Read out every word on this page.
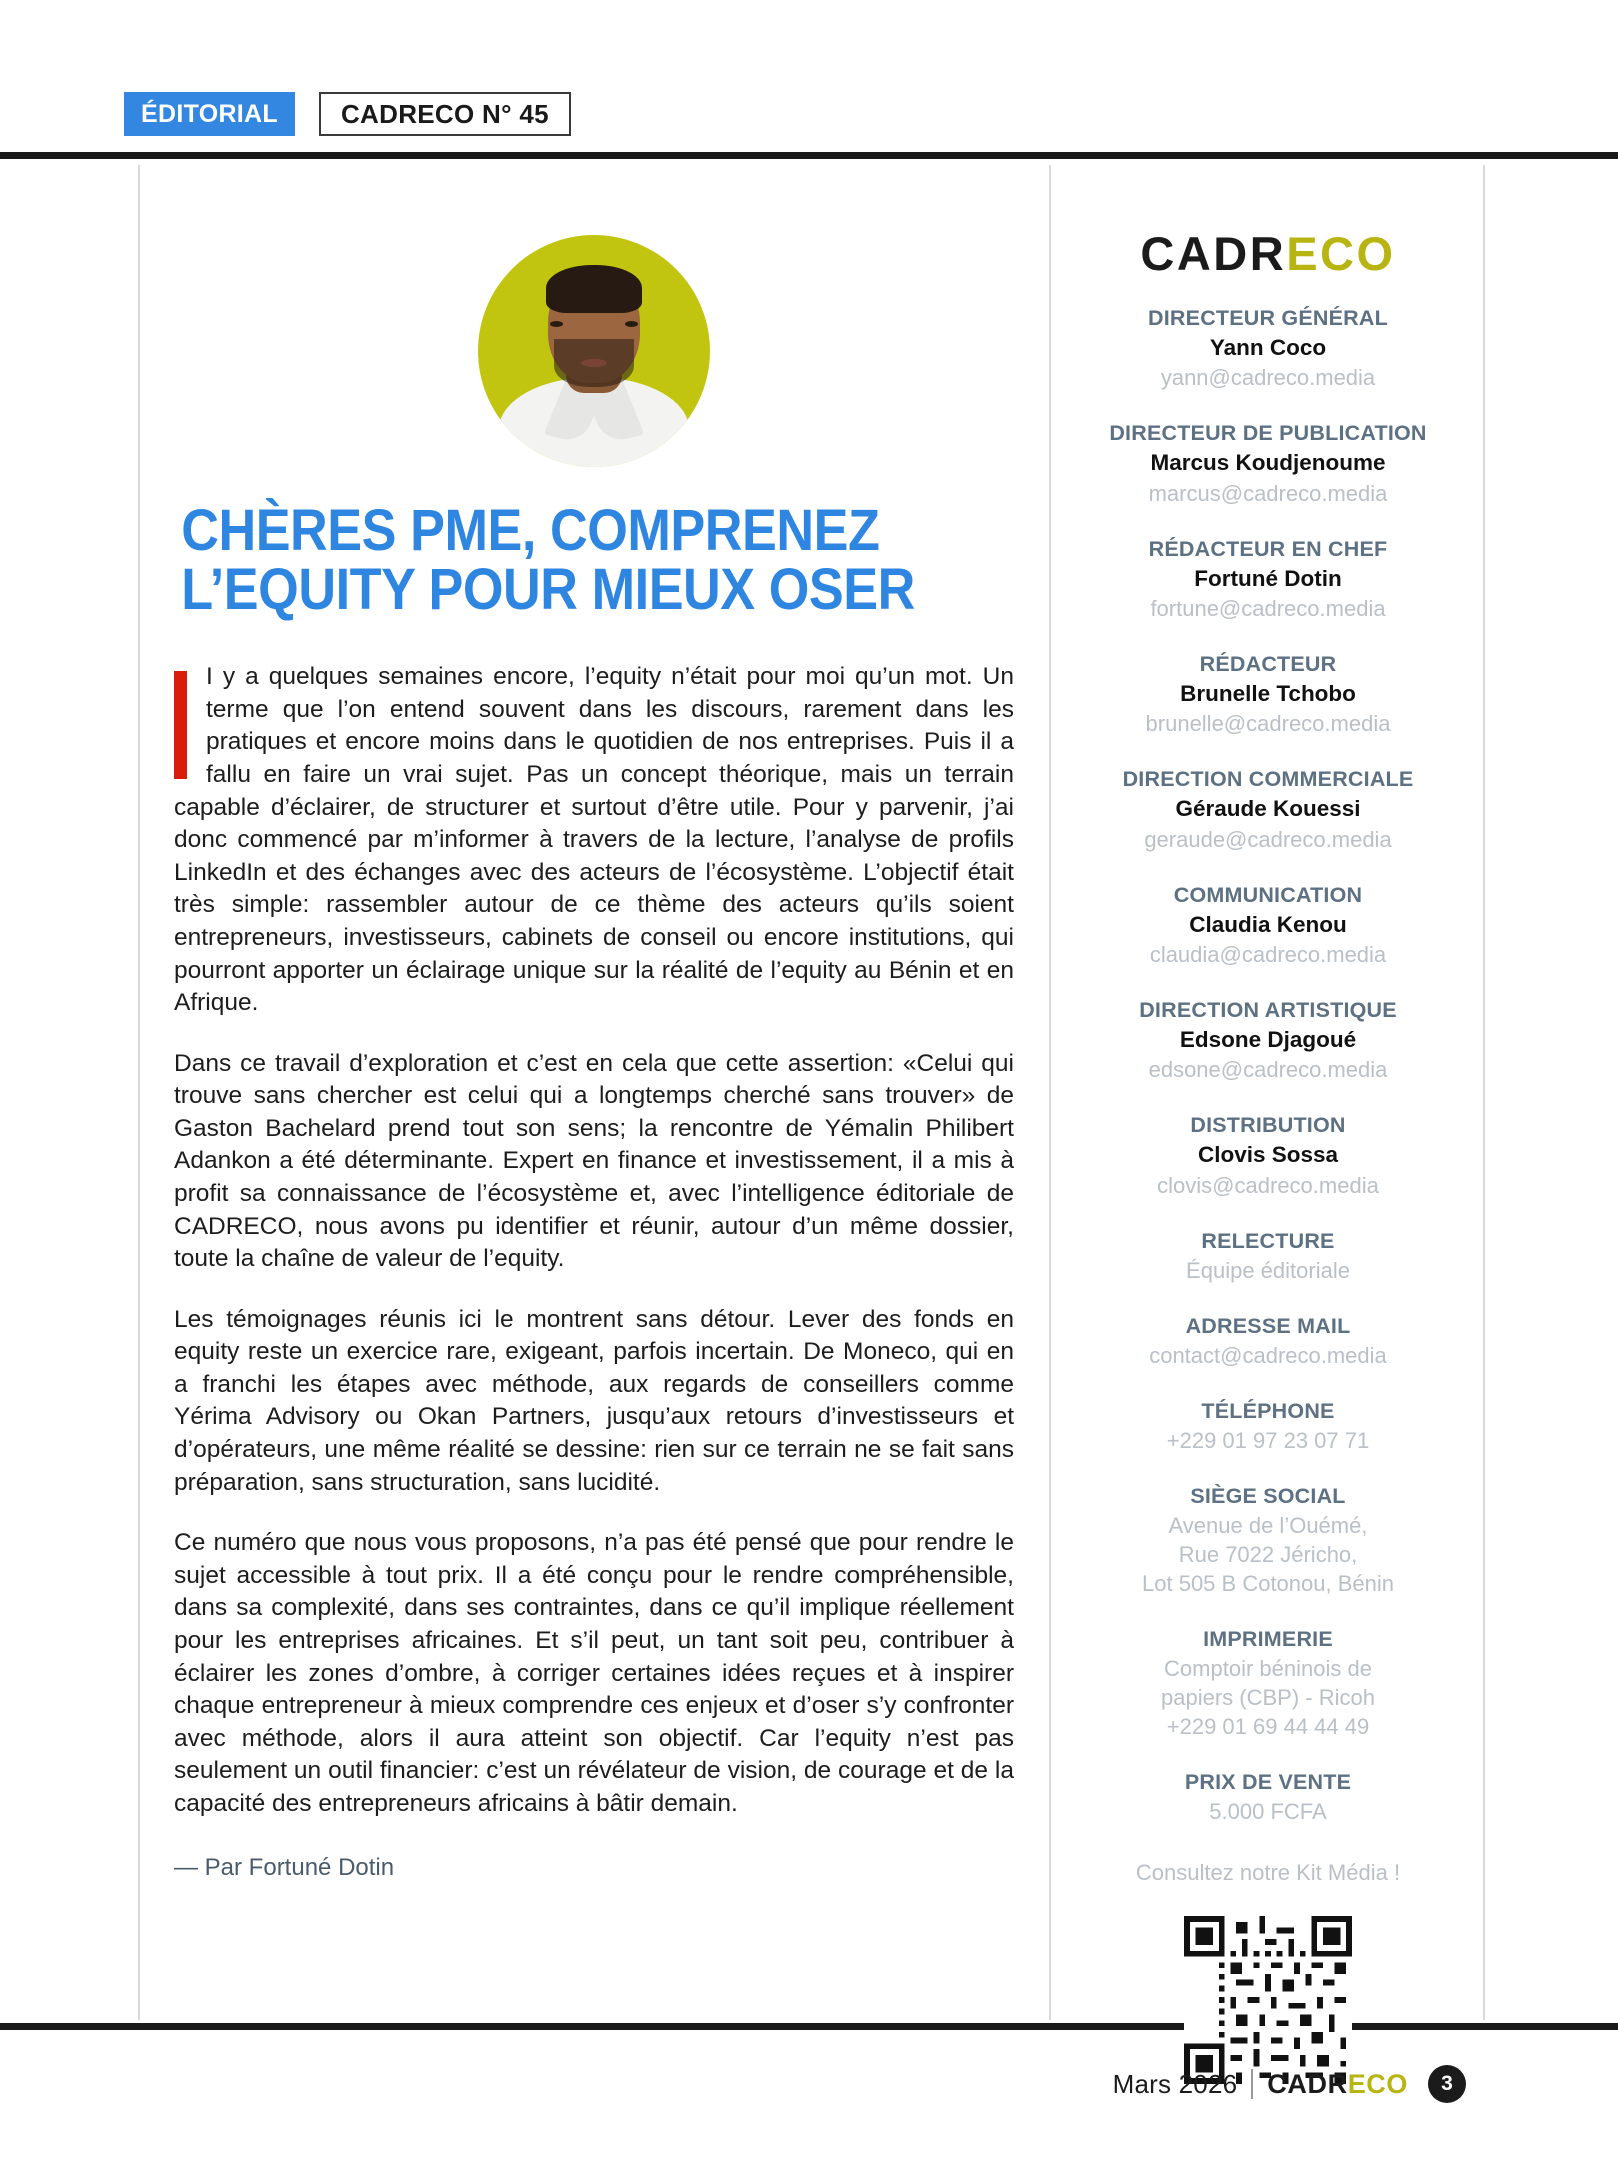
ÉDITORIAL	CADRECO N° 45
CHÈRES PME, COMPRENEZ
L’EQUITY POUR MIEUX OSER

I y a quelques semaines encore, l’equity n’était pour moi qu’un mot. Un terme que l’on entend souvent dans les discours, rarement dans les pratiques et encore moins dans le quotidien de nos entreprises. Puis il a fallu en faire un vrai sujet. Pas un concept théorique, mais un terrain capable d’éclairer, de structurer et surtout d’être utile. Pour y parvenir, j’ai donc commencé par m’informer à travers de la lecture, l’analyse de profils LinkedIn et des échanges avec des acteurs de l’écosystème. L’objectif était très simple: rassembler autour de ce thème des acteurs qu’ils soient entrepreneurs, investisseurs, cabinets de conseil ou encore institutions, qui pourront apporter un éclairage unique sur la réalité de l’equity au Bénin et en Afrique.

Dans ce travail d’exploration et c’est en cela que cette assertion: «Celui qui trouve sans chercher est celui qui a longtemps cherché sans trouver» de Gaston Bachelard prend tout son sens; la rencontre de Yémalin Philibert Adankon a été déterminante. Expert en finance et investissement, il a mis à profit sa connaissance de l’écosystème et, avec l’intelligence éditoriale de CADRECO, nous avons pu identifier et réunir, autour d’un même dossier, toute la chaîne de valeur de l’equity.

Les témoignages réunis ici le montrent sans détour. Lever des fonds en equity reste un exercice rare, exigeant, parfois incertain. De Moneco, qui en a franchi les étapes avec méthode, aux regards de conseillers comme Yérima Advisory ou Okan Partners, jusqu’aux retours d’investisseurs et d’opérateurs, une même réalité se dessine: rien sur ce terrain ne se fait sans préparation, sans structuration, sans lucidité.

Ce numéro que nous vous proposons, n’a pas été pensé que pour rendre le sujet accessible à tout prix. Il a été conçu pour le rendre compréhensible, dans sa complexité, dans ses contraintes, dans ce qu’il implique réellement pour les entreprises africaines. Et s’il peut, un tant soit peu, contribuer à éclairer les zones d’ombre, à corriger certaines idées reçues et à inspirer chaque entrepreneur à mieux comprendre ces enjeux et d’oser s’y confronter avec méthode, alors il aura atteint son objectif. Car l’equity n’est pas seulement un outil financier: c’est un révélateur de vision, de courage et de la capacité des entrepreneurs africains à bâtir demain.

— Par Fortuné Dotin
CADRECO
DIRECTEUR GÉNÉRAL
Yann Coco
yann@cadreco.media
DIRECTEUR DE PUBLICATION
Marcus Koudjenoume
marcus@cadreco.media
RÉDACTEUR EN CHEF
Fortuné Dotin
fortune@cadreco.media
RÉDACTEUR
Brunelle Tchobo
brunelle@cadreco.media
DIRECTION COMMERCIALE
Géraude Kouessi
geraude@cadreco.media
COMMUNICATION
Claudia Kenou
claudia@cadreco.media
DIRECTION ARTISTIQUE
Edsone Djagoué
edsone@cadreco.media
DISTRIBUTION
Clovis Sossa
clovis@cadreco.media
RELECTURE
Équipe éditoriale
ADRESSE MAIL
contact@cadreco.media
TÉLÉPHONE
+229 01 97 23 07 71
SIÈGE SOCIAL
Avenue de l’Ouémé,
Rue 7022 Jéricho,
Lot 505 B Cotonou, Bénin
IMPRIMERIE
Comptoir béninois de
papiers (CBP) - Ricoh
+229 01 69 44 44 49
PRIX DE VENTE
5.000 FCFA
Consultez notre Kit Média !
Mars 2026 CADRECO	3
